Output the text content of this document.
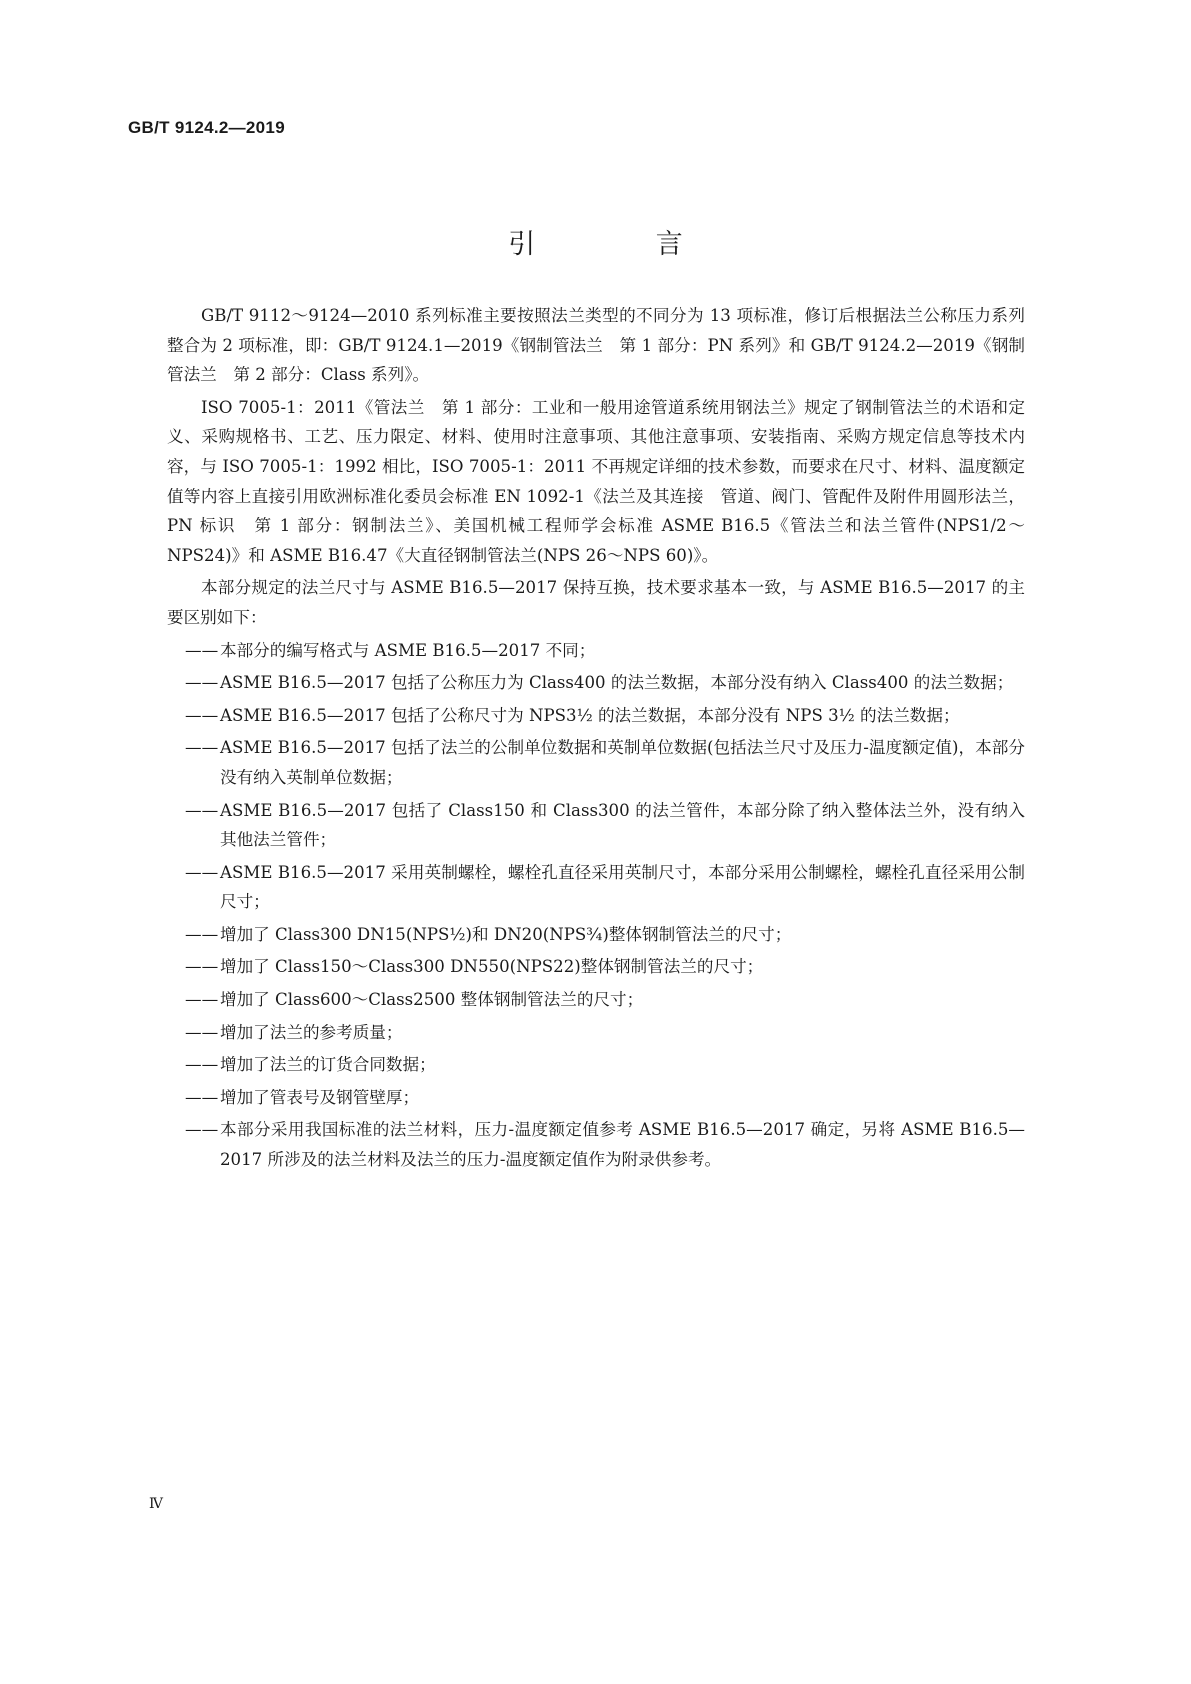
GB/T 9124.2—2019
引 言

GB/T 9112～9124—2010 系列标准主要按照法兰类型的不同分为 13 项标准，修订后根据法兰公称压力系列整合为 2 项标准，即：GB/T 9124.1—2019《钢制管法兰　第 1 部分：PN 系列》和 GB/T 9124.2—2019《钢制管法兰　第 2 部分：Class 系列》。

ISO 7005-1：2011《管法兰　第 1 部分：工业和一般用途管道系统用钢法兰》规定了钢制管法兰的术语和定义、采购规格书、工艺、压力限定、材料、使用时注意事项、其他注意事项、安装指南、采购方规定信息等技术内容，与 ISO 7005-1：1992 相比，ISO 7005-1：2011 不再规定详细的技术参数，而要求在尺寸、材料、温度额定值等内容上直接引用欧洲标准化委员会标准 EN 1092-1《法兰及其连接　管道、阀门、管配件及附件用圆形法兰，PN 标识　第 1 部分：钢制法兰》、美国机械工程师学会标准 ASME B16.5《管法兰和法兰管件(NPS1/2～NPS24)》和 ASME B16.47《大直径钢制管法兰(NPS 26～NPS 60)》。

本部分规定的法兰尺寸与 ASME B16.5—2017 保持互换，技术要求基本一致，与 ASME B16.5—2017 的主要区别如下：

—— 本部分的编写格式与 ASME B16.5—2017 不同；
—— ASME B16.5—2017 包括了公称压力为 Class400 的法兰数据，本部分没有纳入 Class400 的法兰数据；
—— ASME B16.5—2017 包括了公称尺寸为 NPS3½ 的法兰数据，本部分没有 NPS 3½ 的法兰数据；
—— ASME B16.5—2017 包括了法兰的公制单位数据和英制单位数据(包括法兰尺寸及压力-温度额定值)，本部分没有纳入英制单位数据；
—— ASME B16.5—2017 包括了 Class150 和 Class300 的法兰管件，本部分除了纳入整体法兰外，没有纳入其他法兰管件；
—— ASME B16.5—2017 采用英制螺栓，螺栓孔直径采用英制尺寸，本部分采用公制螺栓，螺栓孔直径采用公制尺寸；
—— 增加了 Class300 DN15(NPS½)和 DN20(NPS¾)整体钢制管法兰的尺寸；
—— 增加了 Class150～Class300 DN550(NPS22)整体钢制管法兰的尺寸；
—— 增加了 Class600～Class2500 整体钢制管法兰的尺寸；
—— 增加了法兰的参考质量；
—— 增加了法兰的订货合同数据；
—— 增加了管表号及钢管壁厚；
—— 本部分采用我国标准的法兰材料，压力-温度额定值参考 ASME B16.5—2017 确定，另将 ASME B16.5—2017 所涉及的法兰材料及法兰的压力-温度额定值作为附录供参考。
Ⅳ
